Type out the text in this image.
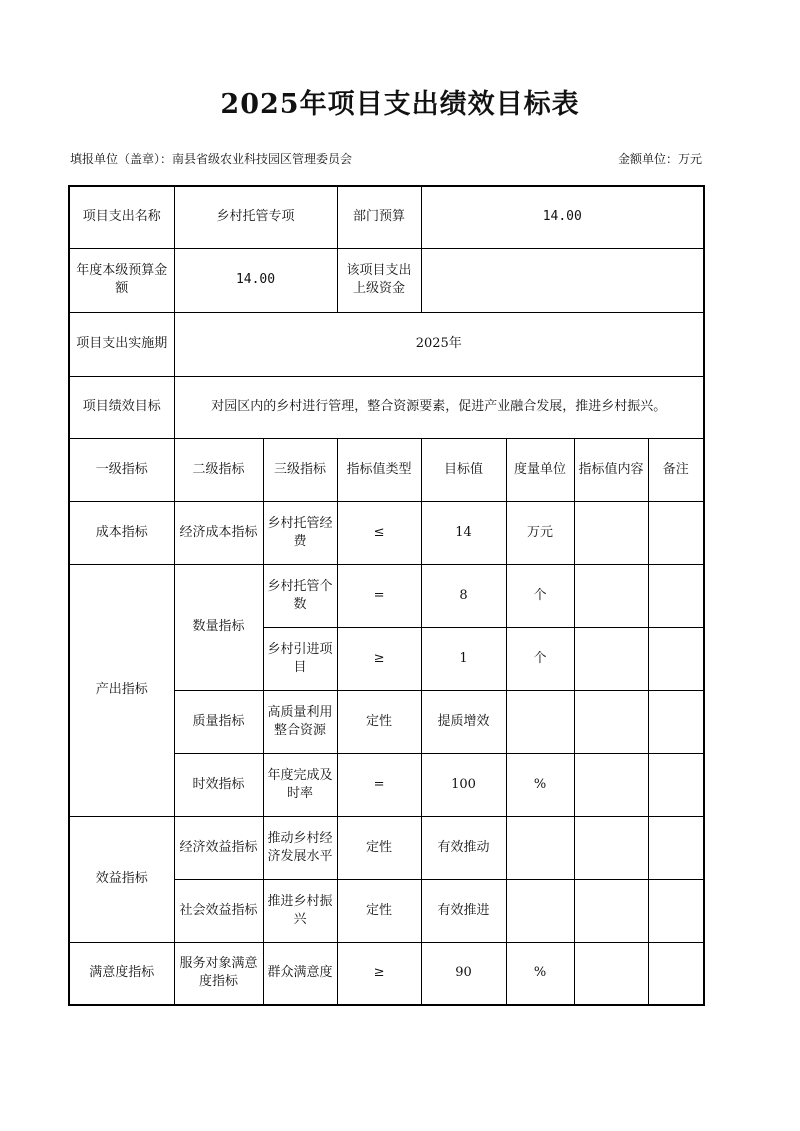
2025年项目支出绩效目标表
填报单位（盖章）：南县省级农业科技园区管理委员会	金额单位：万元
项目支出名称	乡村托管专项		部门预算	14.00			
年度本级预算金额	14.00		该项目支出上级资金				
项目支出实施期	2025年						
项目绩效目标	对园区内的乡村进行管理，整合资源要素，促进产业融合发展，推进乡村振兴。						
一级指标	二级指标	三级指标	指标值类型	目标值	度量单位	指标值内容	备注
成本指标	经济成本指标	乡村托管经费	≤	14	万元		
产出指标	数量指标	乡村托管个数	=	8	个		
		乡村引进项目	≥	1	个		
	质量指标	高质量利用整合资源	定性	提质增效			
	时效指标	年度完成及时率	=	100	%		
效益指标	经济效益指标	推动乡村经济发展水平	定性	有效推动			
	社会效益指标	推进乡村振兴	定性	有效推进			
满意度指标	服务对象满意度指标	群众满意度	≥	90	%		
